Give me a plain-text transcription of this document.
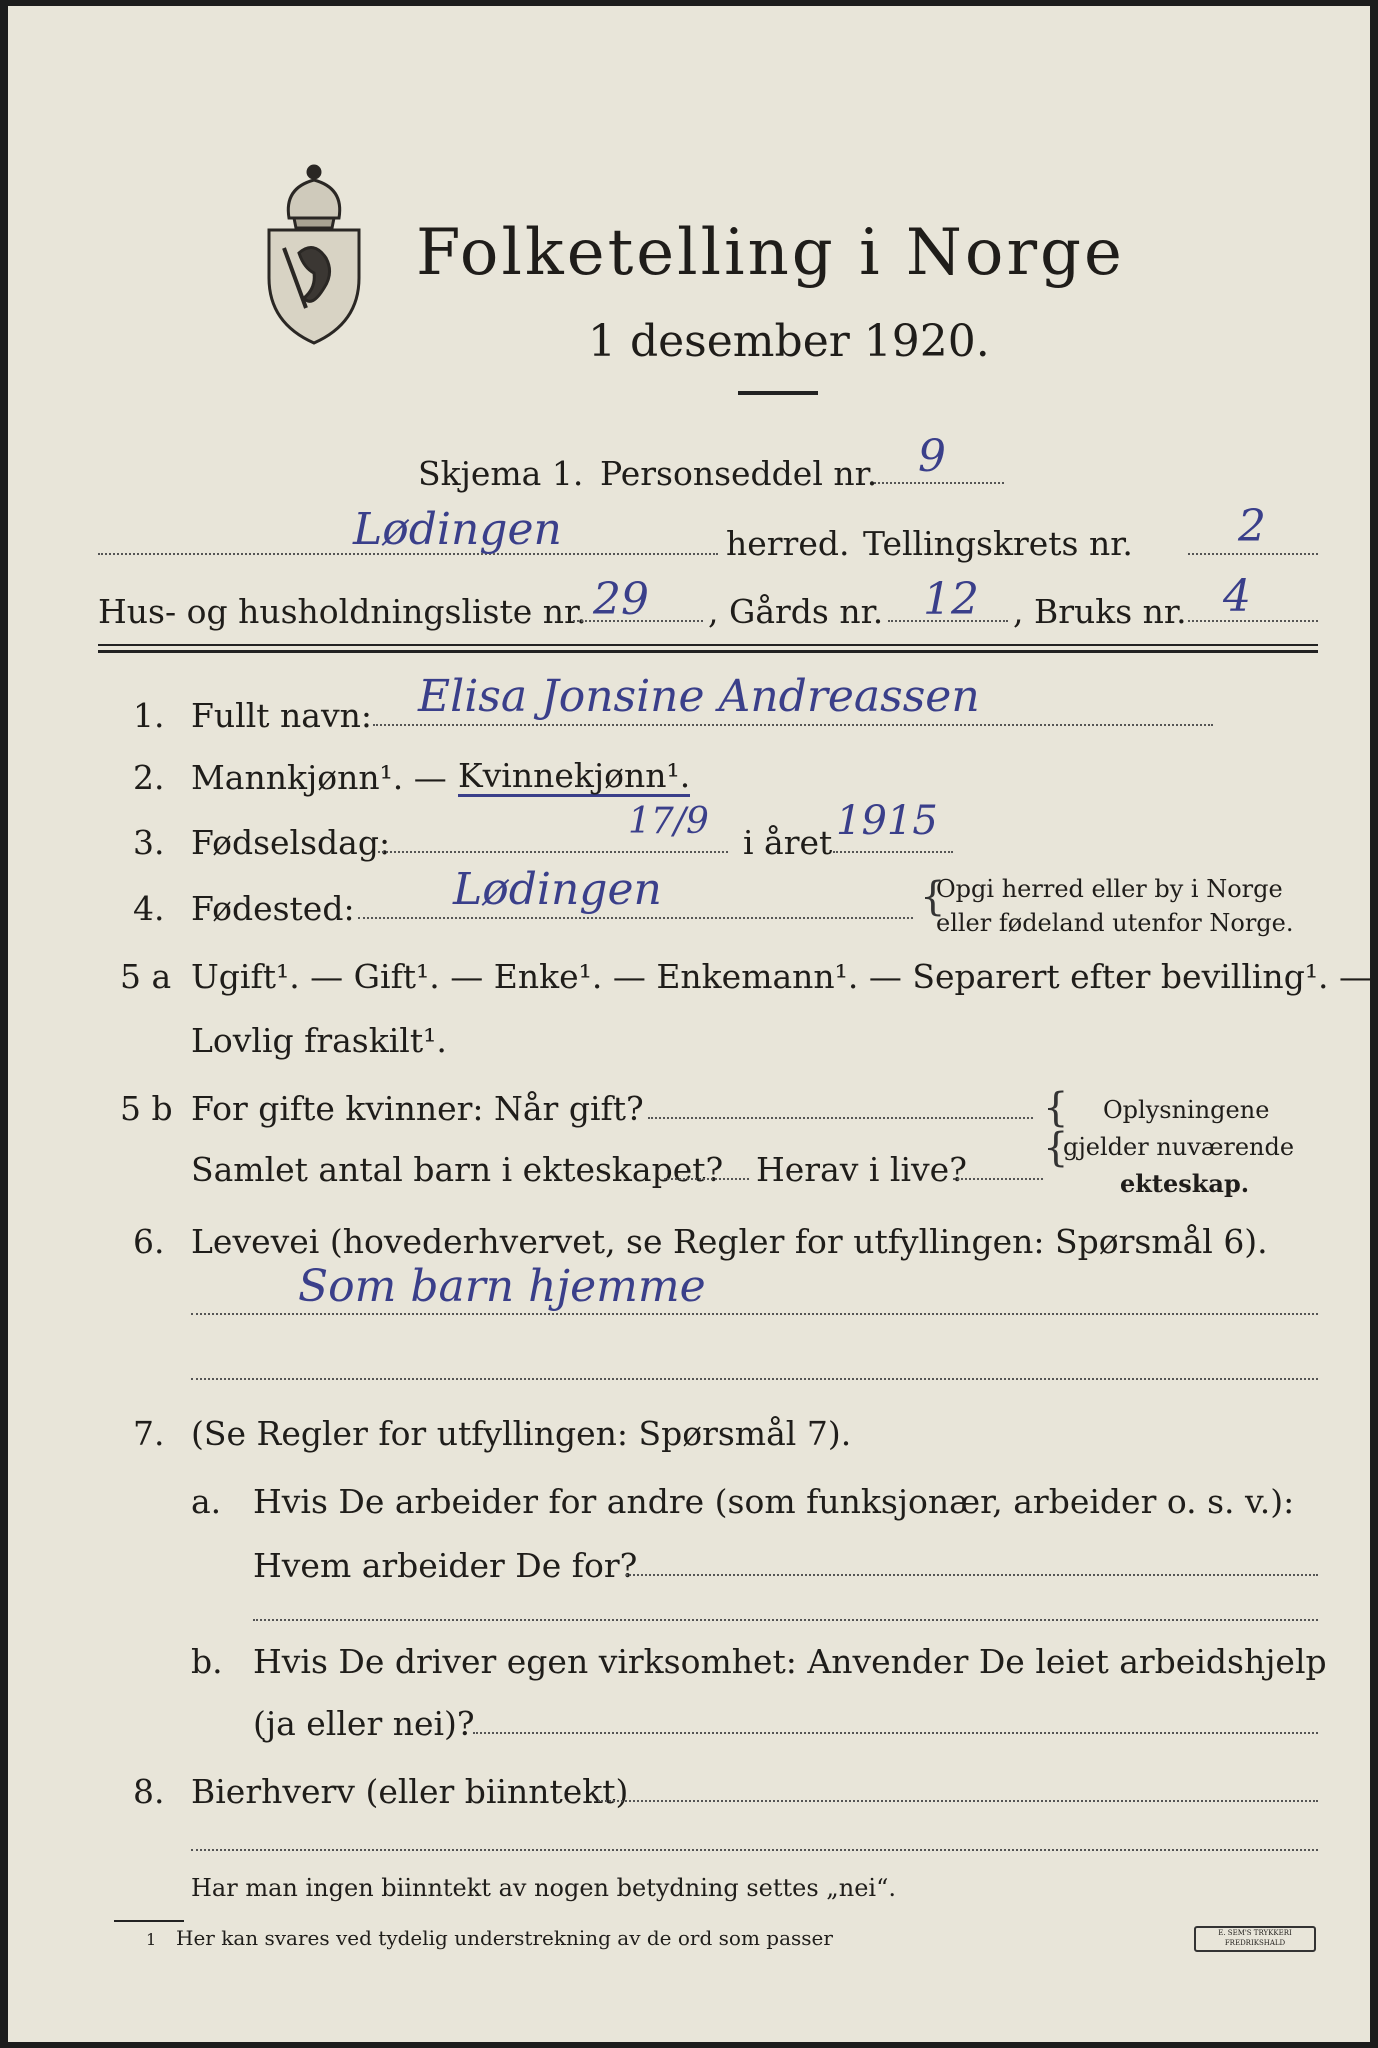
Folketelling i Norge
1 desember 1920.
Skjema 1. Personseddel nr. 9
Lødingen	herred. Tellingskrets nr. 2
Hus- og husholdningsliste nr. 29 , Gårds nr. 12 , Bruks nr. 4
1. Fullt navn: Elisa Jonsine Andreassen
2. Mannkjønn¹. — Kvinnekjønn¹.
3. Fødselsdag:
17/9
i året 1915
4. Fødested: Lødingen	{
Opgi herred eller by i Norge
eller fødeland utenfor Norge.
5 a Ugift¹. — Gift¹. — Enke¹. — Enkemann¹. — Separert efter bevilling¹. —
Lovlig fraskilt¹.
5 b For gifte kvinner: Når gift?
Samlet antal barn i ekteskapet? Herav i live?
{
{
Oplysningene
gjelder nuværende
ekteskap.
6. Levevei (hovederhvervet, se Regler for utfyllingen: Spørsmål 6).
Som barn hjemme
7. (Se Regler for utfyllingen: Spørsmål 7).
a. Hvis De arbeider for andre (som funksjonær, arbeider o. s. v.):
Hvem arbeider De for?
b. Hvis De driver egen virksomhet: Anvender De leiet arbeidshjelp
(ja eller nei)?
8. Bierhverv (eller biinntekt)
Har man ingen biinntekt av nogen betydning settes „nei“.
1 Her kan svares ved tydelig understrekning av de ord som passer	E. SEM'S TRYKKERI FREDRIKSHALD
